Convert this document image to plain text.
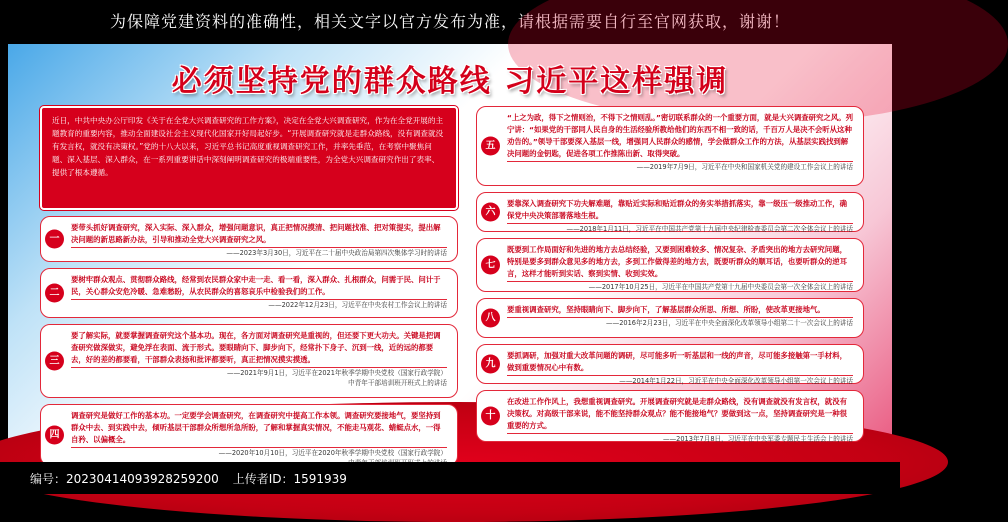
为保障党建资料的准确性，相关文字以官方发布为准，请根据需要自行至官网获取，谢谢！
必须坚持党的群众路线 习近平这样强调
近日，中共中央办公厅印发《关于在全党大兴调查研究的工作方案》，决定在全党大兴调查研究，作为在全党开展的主题教育的重要内容，推动全面建设社会主义现代化国家开好局起好步。“开展调查研究就是走群众路线，没有调查就没有发言权，就没有决策权。”党的十八大以来，习近平总书记高度重视调查研究工作，并率先垂范，在考察中聚焦问题、深入基层、深入群众，在一系列重要讲话中深刻阐明调查研究的极端重要性，为全党大兴调查研究作出了表率、提供了根本遵循。
一
要带头抓好调查研究，深入实际、深入群众，增强问题意识，真正把情况摸清、把问题找准、把对策提实，提出解决问题的新思路新办法，引导和推动全党大兴调查研究之风。
——2023年3月30日，习近平在二十届中央政治局第四次集体学习时的讲话
二
要树牢群众观点、贯彻群众路线，经常到农民群众家中走一走、看一看，深入群众、扎根群众，问需于民、问计于民，关心群众安危冷暖、急难愁盼，从农民群众的喜怒哀乐中检验我们的工作。
——2022年12月23日，习近平在中央农村工作会议上的讲话
三
要了解实际，就要掌握调查研究这个基本功。现在，各方面对调查研究是重视的，但还要下更大功夫。关键是把调查研究做深做实，避免浮在表面、流于形式。要眼睛向下、脚步向下，经常扑下身子、沉到一线，近的远的都要去，好的差的都要看，干部群众表扬和批评都要听，真正把情况摸实摸透。
——2021年9月1日，习近平在2021年秋季学期中央党校（国家行政学院）
中青年干部培训班开班式上的讲话
四
调查研究是做好工作的基本功。一定要学会调查研究，在调查研究中提高工作本领。调查研究要接地气，要坚持到群众中去、到实践中去，倾听基层干部群众所想所急所盼，了解和掌握真实情况，不能走马观花、蜻蜓点水，一得自矜、以偏概全。
——2020年10月10日，习近平在2020年秋季学期中央党校（国家行政学院）
五
“上之为政，得下之情则治，不得下之情则乱。”密切联系群众的一个重要方面，就是大兴调查研究之风。列宁讲：“如果党的干部同人民自身的生活经验所教给他们的东西不相一致的话，千百万人是决不会听从这种劝告的。”领导干部要深入基层一线，增强同人民群众的感情，学会做群众工作的方法，从基层实践找到解决问题的金钥匙，促进各项工作推陈出新、取得突破。
——2019年7月9日，习近平在中央和国家机关党的建设工作会议上的讲话
六
要靠深入调查研究下功夫解难题，靠贴近实际和贴近群众的务实举措抓落实，靠一级压一级推动工作，确保党中央决策部署落地生根。
——2018年1月11日，习近平在中国共产党第十九届中央纪律检查委员会第二次全体会议上的讲话
七
既要到工作局面好和先进的地方去总结经验，又要到困难较多、情况复杂、矛盾突出的地方去研究问题，特别是要多到群众意见多的地方去，多到工作做得差的地方去，既要听群众的顺耳话，也要听群众的逆耳言，这样才能听到实话、察到实情、收到实效。
——2017年10月25日，习近平在中国共产党第十九届中央委员会第一次全体会议上的讲话
八
要重视调查研究，坚持眼睛向下、脚步向下，了解基层群众所思、所想、所盼，使改革更接地气。
——2016年2月23日，习近平在中央全面深化改革领导小组第二十一次会议上的讲话
九
要抓调研，加强对重大改革问题的调研，尽可能多听一听基层和一线的声音，尽可能多接触第一手材料，做到重要情况心中有数。
——2014年1月22日，习近平在中央全面深化改革领导小组第一次会议上的讲话
十
在改进工作作风上，我想重视调查研究。开展调查研究就是走群众路线，没有调查就没有发言权，就没有决策权。对高级干部来说，能不能坚持群众观点？能不能接地气？要做到这一点，坚持调查研究是一种很重要的方式。
——2013年7月8日，习近平在中央军委专题民主生活会上的讲话
编号：20230414093928259200 上传者ID：1591939
